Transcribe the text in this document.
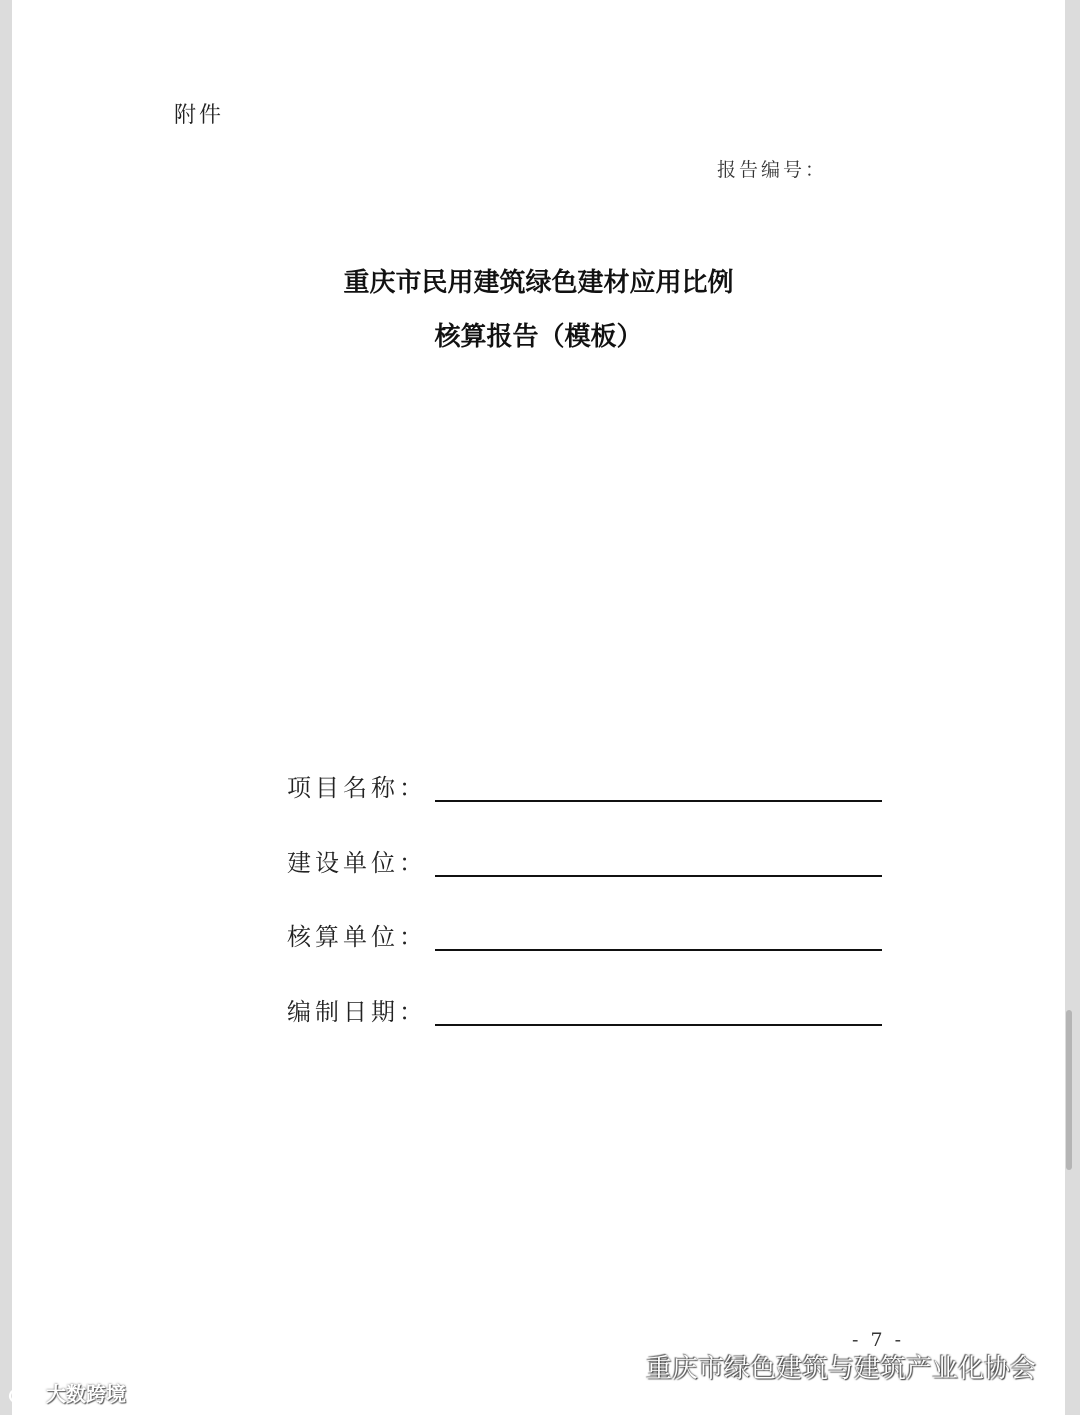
附件
报告编号：
重庆市民用建筑绿色建材应用比例
核算报告（模板）
项目名称：
建设单位：
核算单位：
编制日期：
- 7 -
重庆市绿色建筑与建筑产业化协会
大数跨境
